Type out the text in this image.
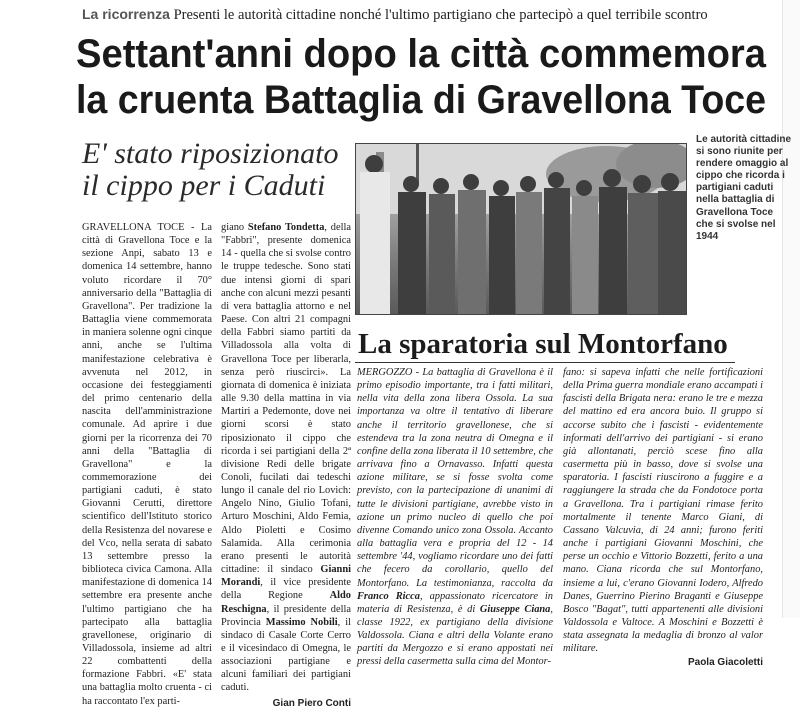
La ricorrenza Presenti le autorità cittadine nonché l'ultimo partigiano che partecipò a quel terribile scontro
Settant'anni dopo la città commemora
la cruenta Battaglia di Gravellona Toce
E' stato riposizionato il cippo per i Caduti
Le autorità cittadine si sono riunite per rendere omaggio al cippo che ricorda i partigiani caduti nella battaglia di Gravellona Toce che si svolse nel 1944

GRAVELLONA TOCE - La città di Gravellona Toce e la sezione Anpi, sabato 13 e domenica 14 settembre, hanno voluto ricordare il 70° anniversario della "Battaglia di Gravellona". Per tradizione la Battaglia viene commemorata in maniera solenne ogni cinque anni, anche se l'ultima manifestazione celebrativa è avvenuta nel 2012, in occasione dei festeggiamenti del primo centenario della nascita dell'amministrazione comunale. Ad aprire i due giorni per la ricorrenza dei 70 anni della "Battaglia di Gravellona" e la commemorazione dei partigiani caduti, è stato Giovanni Cerutti, direttore scientifico dell'Istituto storico della Resistenza del novarese e del Vco, nella serata di sabato 13 settembre presso la biblioteca civica Camona. Alla manifestazione di domenica 14 settembre era presente anche l'ultimo partigiano che ha partecipato alla battaglia gravellonese, originario di Villadossola, insieme ad altri 22 combattenti della formazione Fabbri. «E' stata una battaglia molto cruenta - ci ha raccontato l'ex parti-

giano Stefano Tondetta, della "Fabbri", presente domenica 14 - quella che si svolse contro le truppe tedesche. Sono stati due intensi giorni di spari anche con alcuni mezzi pesanti di vera battaglia attorno e nel Paese. Con altri 21 compagni della Fabbri siamo partiti da Villadossola alla volta di Gravellona Toce per liberarla, senza però riuscirci». La giornata di domenica è iniziata alle 9.30 della mattina in via Martiri a Pedemonte, dove nei giorni scorsi è stato riposizionato il cippo che ricorda i sei partigiani della 2ª divisione Redi delle brigate Conoli, fucilati dai tedeschi lungo il canale del rio Lovich: Angelo Nino, Giulio Tofani, Arturo Moschini, Aldo Femia, Aldo Pioletti e Cosimo Salamida. Alla cerimonia erano presenti le autorità cittadine: il sindaco Gianni Morandi, il vice presidente della Regione Aldo Reschigna, il presidente della Provincia Massimo Nobili, il sindaco di Casale Corte Cerro e il vicesindaco di Omegna, le associazioni partigiane e alcuni familiari dei partigiani caduti.

Gian Piero Conti
La sparatoria sul Montorfano

MERGOZZO - La battaglia di Gravellona è il primo episodio importante, tra i fatti militari, nella vita della zona libera Ossola. La sua importanza va oltre il tentativo di liberare anche il territorio gravellonese, che si estendeva tra la zona neutra di Omegna e il confine della zona liberata il 10 settembre, che arrivava fino a Ornavasso. Infatti questa azione militare, se si fosse svolta come previsto, con la partecipazione di unanimi di tutte le divisioni partigiane, avrebbe visto in azione un primo nucleo di quello che poi divenne Comando unico zona Ossola. Accanto alla battaglia vera e propria del 12 - 14 settembre '44, vogliamo ricordare uno dei fatti che fecero da corollario, quello del Montorfano. La testimonianza, raccolta da Franco Ricca, appassionato ricercatore in materia di Resistenza, è di Giuseppe Ciana, classe 1922, ex partigiano della divisione Valdossola. Ciana e altri della Volante erano partiti da Mergozzo e si erano appostati nei pressi della casermetta sulla cima del Montor-

fano: si sapeva infatti che nelle fortificazioni della Prima guerra mondiale erano accampati i fascisti della Brigata nera: erano le tre e mezza del mattino ed era ancora buio. Il gruppo si accorse subito che i fascisti - evidentemente informati dell'arrivo dei partigiani - si erano già allontanati, perciò scese fino alla casermetta più in basso, dove si svolse una sparatoria. I fascisti riuscirono a fuggire e a raggiungere la strada che da Fondotoce porta a Gravellona. Tra i partigiani rimase ferito mortalmente il tenente Marco Giani, di Cassano Valcuvia, di 24 anni; furono feriti anche i partigiani Giovanni Moschini, che perse un occhio e Vittorio Bozzetti, ferito a una mano. Ciana ricorda che sul Montorfano, insieme a lui, c'erano Giovanni Iodero, Alfredo Danes, Guerrino Pierino Braganti e Giuseppe Bosco "Bagat", tutti appartenenti alle divisioni Valdossola e Valtoce. A Moschini e Bozzetti è stata assegnata la medaglia di bronzo al valor militare.

Paola Giacoletti
